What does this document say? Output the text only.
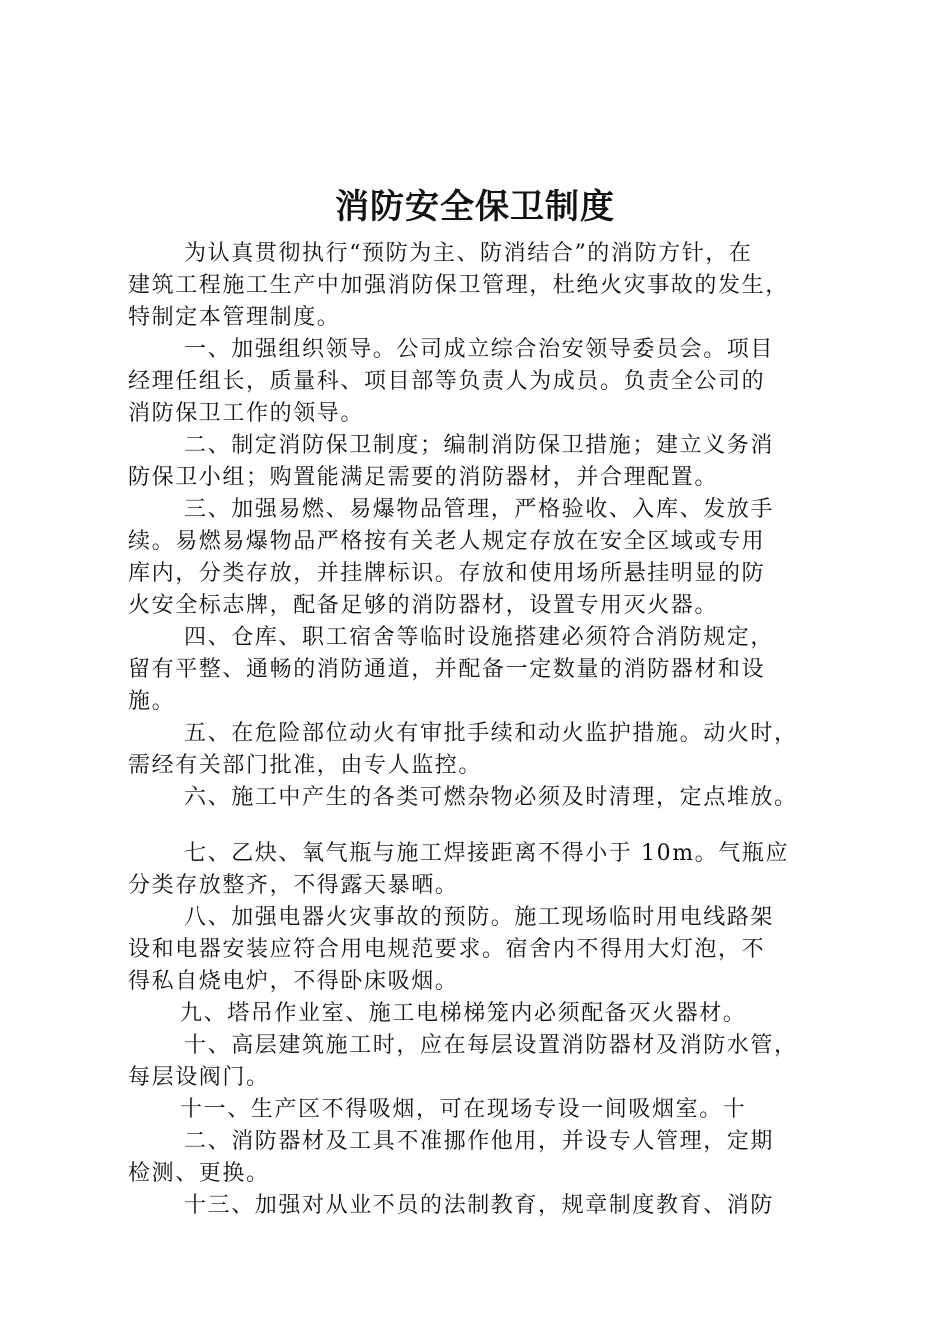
消防安全保卫制度
为认真贯彻执行“预防为主、防消结合”的消防方针，在
建筑工程施工生产中加强消防保卫管理，杜绝火灾事故的发生，
特制定本管理制度。
一、加强组织领导。公司成立综合治安领导委员会。项目
经理任组长，质量科、项目部等负责人为成员。负责全公司的
消防保卫工作的领导。
二、制定消防保卫制度；编制消防保卫措施；建立义务消
防保卫小组；购置能满足需要的消防器材，并合理配置。
三、加强易燃、易爆物品管理，严格验收、入库、发放手
续。易燃易爆物品严格按有关老人规定存放在安全区域或专用
库内，分类存放，并挂牌标识。存放和使用场所悬挂明显的防
火安全标志牌，配备足够的消防器材，设置专用灭火器。
四、仓库、职工宿舍等临时设施搭建必须符合消防规定，
留有平整、通畅的消防通道，并配备一定数量的消防器材和设
施。
五、在危险部位动火有审批手续和动火监护措施。动火时，
需经有关部门批准，由专人监控。
六、施工中产生的各类可燃杂物必须及时清理，定点堆放。
七、乙炔、氧气瓶与施工焊接距离不得小于 10m。气瓶应
分类存放整齐，不得露天暴晒。
八、加强电器火灾事故的预防。施工现场临时用电线路架
设和电器安装应符合用电规范要求。宿舍内不得用大灯泡，不
得私自烧电炉，不得卧床吸烟。
九、塔吊作业室、施工电梯梯笼内必须配备灭火器材。
十、高层建筑施工时，应在每层设置消防器材及消防水管，
每层设阀门。
十一、生产区不得吸烟，可在现场专设一间吸烟室。十
二、消防器材及工具不准挪作他用，并设专人管理，定期
检测、更换。
十三、加强对从业不员的法制教育，规章制度教育、消防
